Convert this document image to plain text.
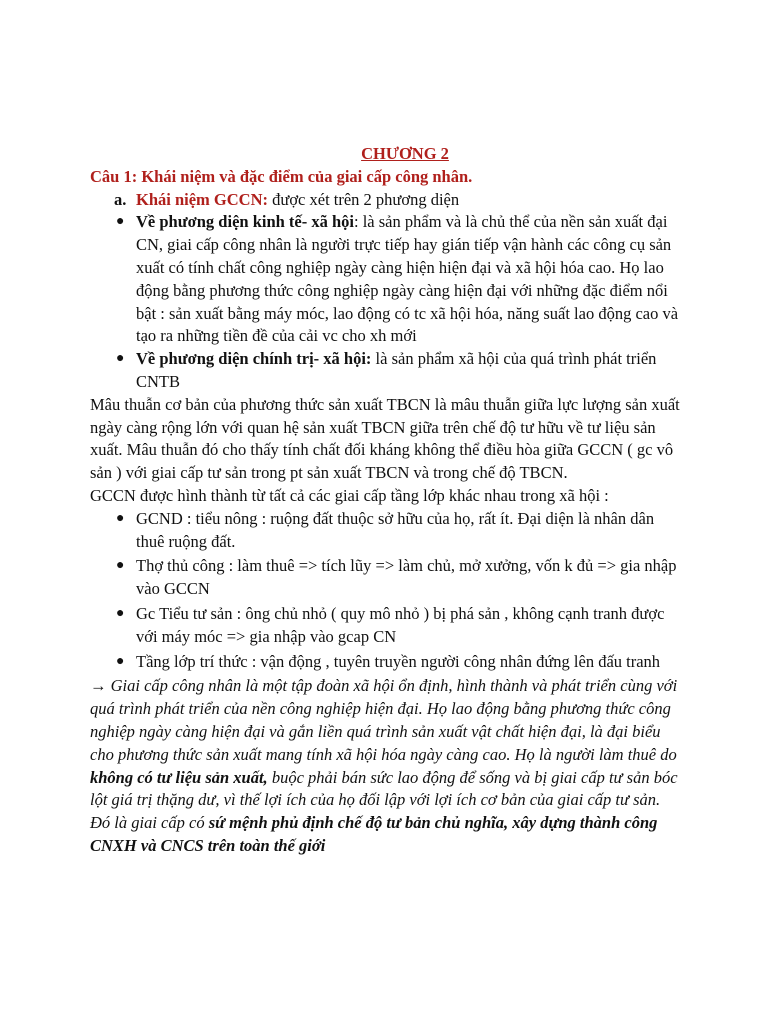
CHƯƠNG 2

Câu 1: Khái niệm và đặc điểm của giai cấp công nhân.

a. Khái niệm GCCN: được xét trên 2 phương diện

● Về phương diện kinh tế- xã hội: là sản phẩm và là chủ thể của nền sản xuất đại CN, giai cấp công nhân là người trực tiếp hay gián tiếp vận hành các công cụ sản xuất có tính chất công nghiệp ngày càng hiện hiện đại và xã hội hóa cao. Họ lao động bằng phương thức công nghiệp ngày càng hiện đại với những đặc điểm nổi bật : sản xuất bằng máy móc, lao động có tc xã hội hóa, năng suất lao động cao và tạo ra những tiền đề của cải vc cho xh mới
● Về phương diện chính trị- xã hội: là sản phẩm xã hội của quá trình phát triển CNTB

Mâu thuẫn cơ bản của phương thức sản xuất TBCN là mâu thuẫn giữa lực lượng sản xuất ngày càng rộng lớn với quan hệ sản xuất TBCN giữa trên chế độ tư hữu về tư liệu sản xuất. Mâu thuẫn đó cho thấy tính chất đối kháng không thể điều hòa giữa GCCN ( gc vô sản ) với giai cấp tư sản trong pt sản xuất TBCN và trong chế độ TBCN.

GCCN được hình thành từ tất cả các giai cấp tầng lớp khác nhau trong xã hội :

● GCND : tiểu nông : ruộng đất thuộc sở hữu của họ, rất ít. Đại diện là nhân dân thuê ruộng đất.
● Thợ thủ công : làm thuê => tích lũy => làm chủ, mở xưởng, vốn k đủ => gia nhập vào GCCN
● Gc Tiểu tư sản : ông chủ nhỏ ( quy mô nhỏ ) bị phá sản , không cạnh tranh được với máy móc => gia nhập vào gcap CN
● Tầng lớp trí thức : vận động , tuyên truyền người công nhân đứng lên đấu tranh

→ Giai cấp công nhân là một tập đoàn xã hội ổn định, hình thành và phát triển cùng với quá trình phát triển của nền công nghiệp hiện đại. Họ lao động bằng phương thức công nghiệp ngày càng hiện đại và gắn liền quá trình sản xuất vật chất hiện đại, là đại biểu cho phương thức sản xuất mang tính xã hội hóa ngày càng cao. Họ là người làm thuê do không có tư liệu sản xuất, buộc phải bán sức lao động để sống và bị giai cấp tư sản bóc lột giá trị thặng dư, vì thế lợi ích của họ đối lập với lợi ích cơ bản của giai cấp tư sản. Đó là giai cấp có sứ mệnh phủ định chế độ tư bản chủ nghĩa, xây dựng thành công CNXH và CNCS trên toàn thế giới
